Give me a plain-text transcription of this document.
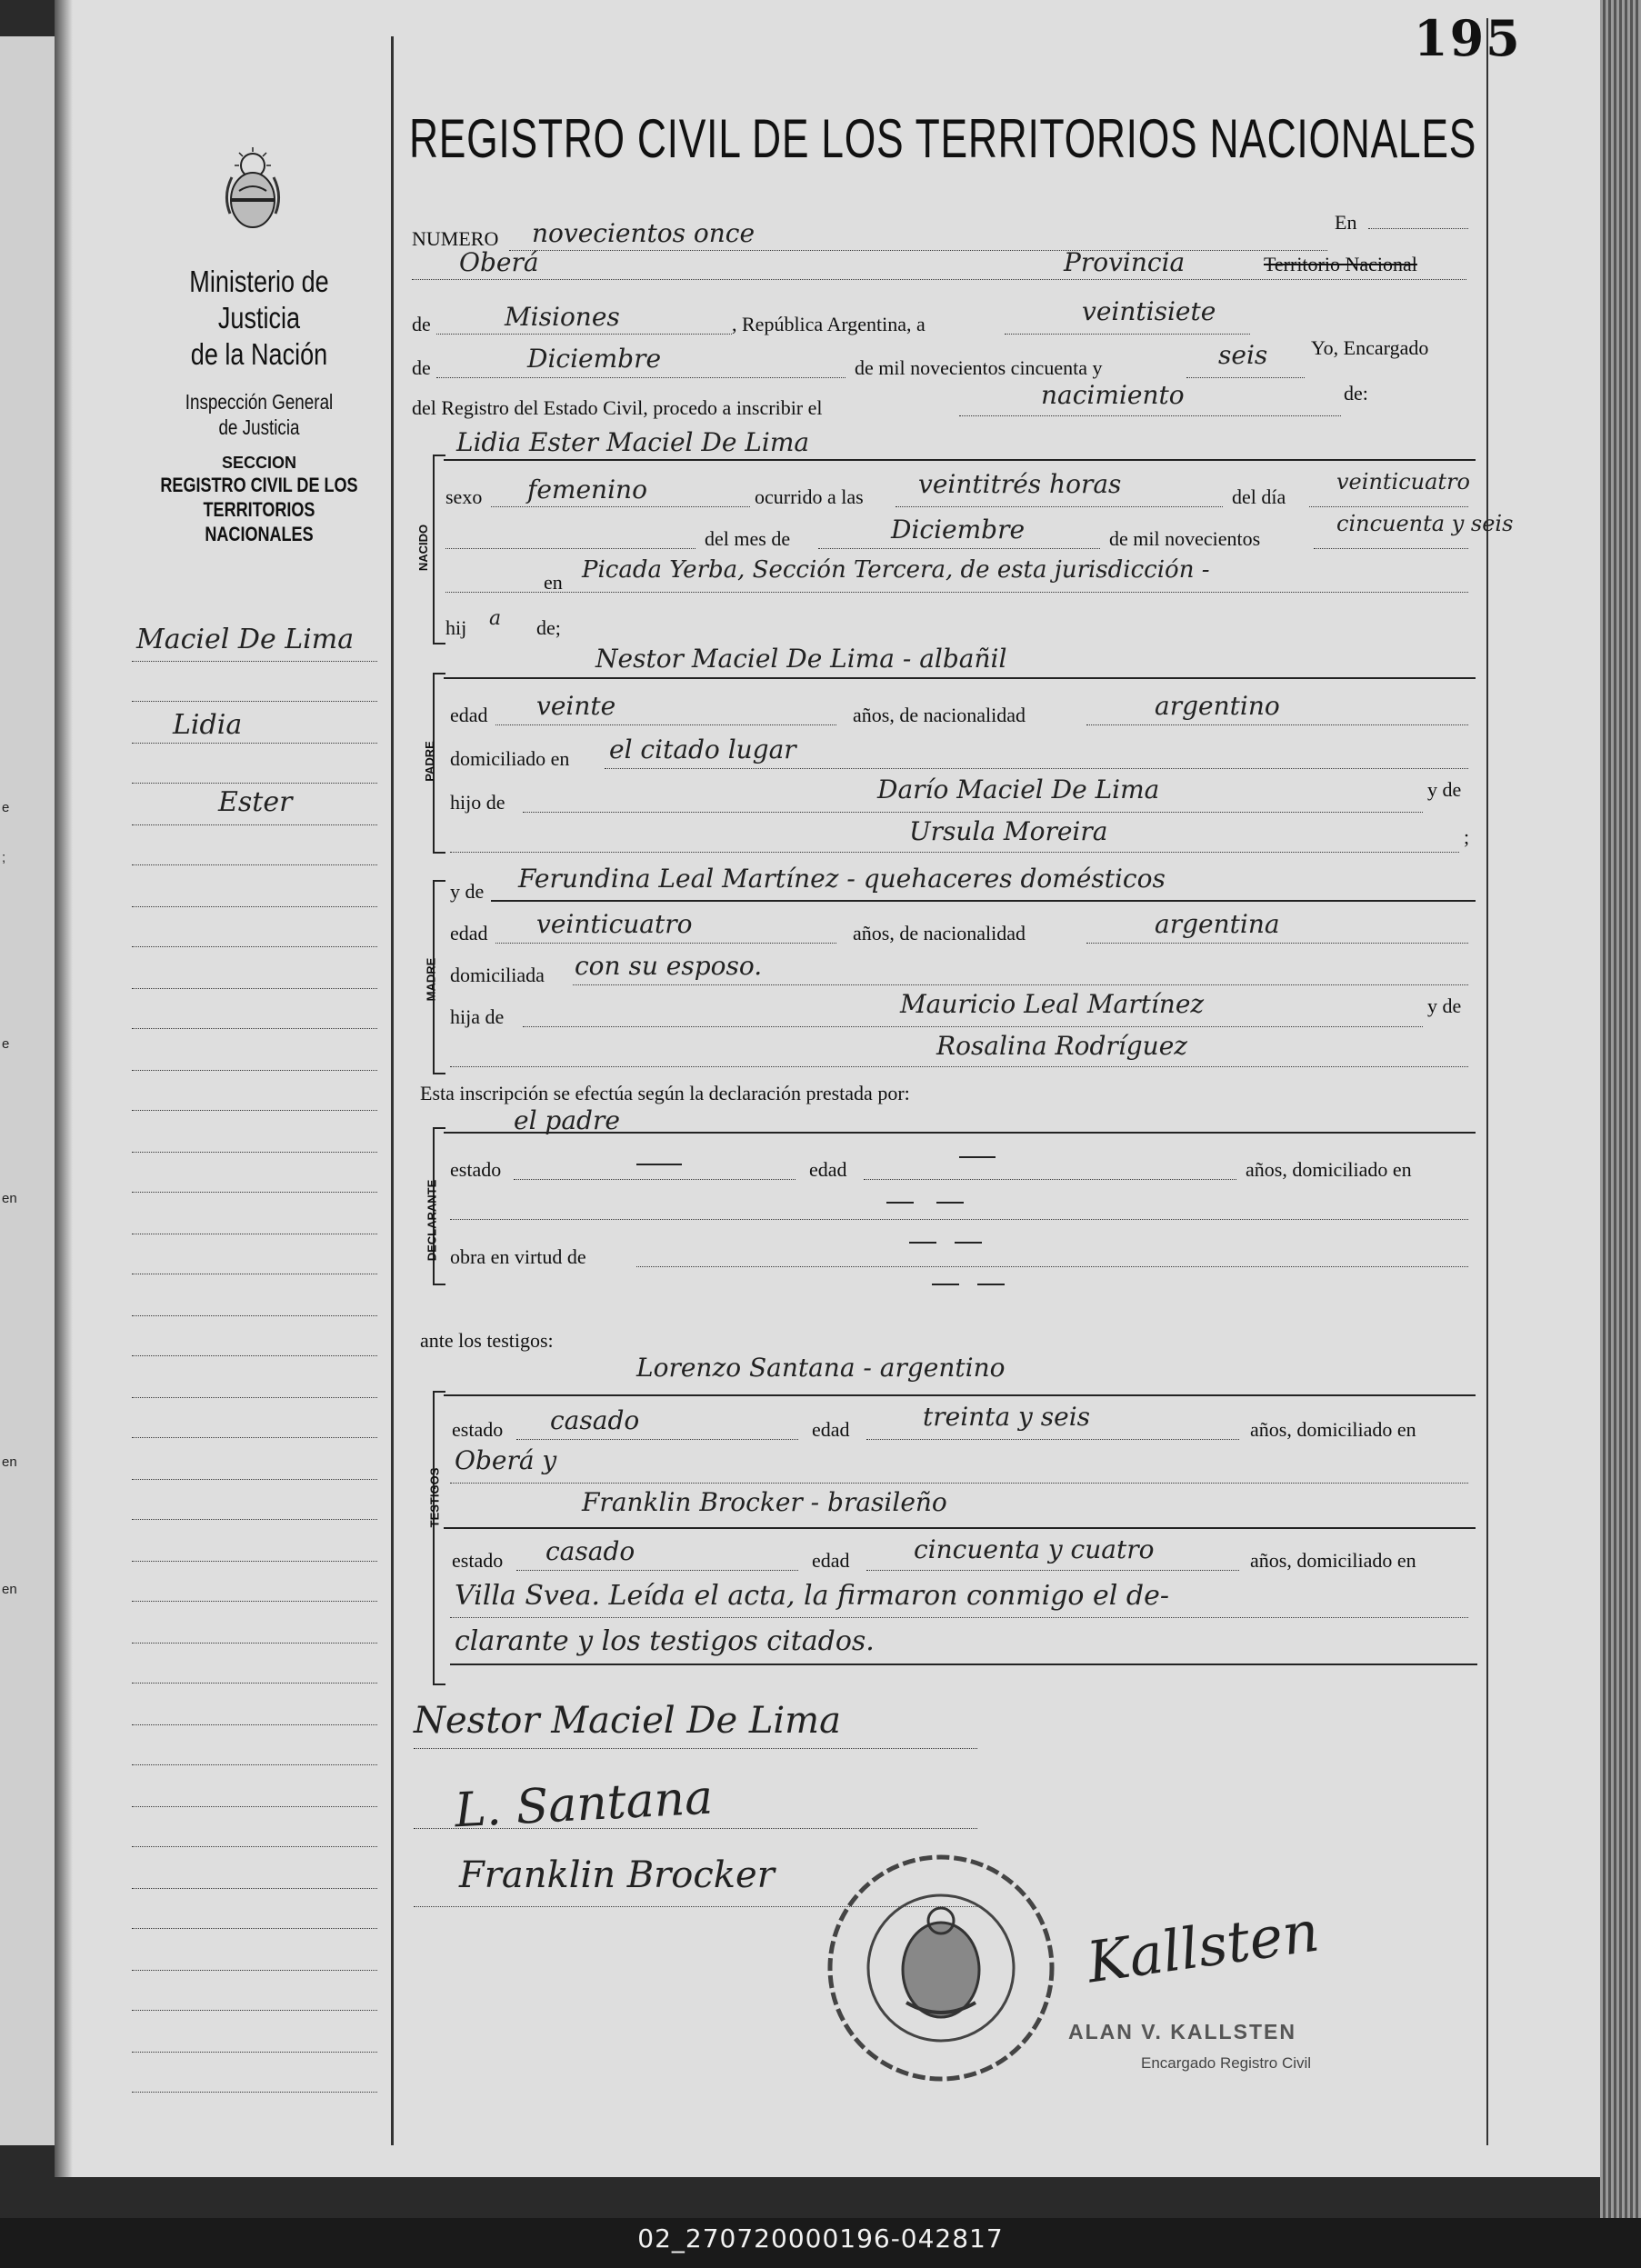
e
;
e
en
en
en
195
REGISTRO CIVIL DE LOS TERRITORIOS NACIONALES
Ministerio de Justicia
de la Nación
Inspección General
de Justicia
SECCION
REGISTRO CIVIL DE LOS
TERRITORIOS NACIONALES
Maciel De Lima
Lidia
Ester
NUMERO novecientos once	En
Oberá	Provincia	Territorio Nacional
de	Misiones	, República Argentina, a	veintisiete
de	Diciembre	de mil novecientos cincuenta y	seis Yo, Encargado
del Registro del Estado Civil, procedo a inscribir el	nacimiento	de:
NACIDO
Lidia Ester Maciel De Lima
sexo femenino	ocurrido a las veintitrés horas	del día
veinticuatro
del mes de	Diciembre	de mil novecientos
cincuenta y seis
en Picada Yerba, Sección Tercera, de esta jurisdicción -
hij a de;
PADRE
Nestor Maciel De Lima - albañil
edad veinte	años, de nacionalidad	argentino
domiciliado en el citado lugar
hijo de	Darío Maciel De Lima	y de
Ursula Moreira	;
MADRE
y de Ferundina Leal Martínez - quehaceres domésticos
edad veinticuatro	años, de nacionalidad	argentina
domiciliada con su esposo.
hija de	Mauricio Leal Martínez	y de
Rosalina Rodríguez
Esta inscripción se efectúa según la declaración prestada por:
el padre
DECLARANTE
estado	edad	años, domiciliado en
obra en virtud de
ante los testigos:
TESTIGOS
Lorenzo Santana - argentino
estado casado	edad	treinta y seis	años, domiciliado en
Oberá y
Franklin Brocker - brasileño
estado casado	edad	cincuenta y cuatro	años, domiciliado en
Villa Svea. Leída el acta, la firmaron conmigo el de-
clarante y los testigos citados.
Nestor Maciel De Lima
L. Santana
Franklin Brocker
Kallsten
ALAN V. KALLSTEN
Encargado Registro Civil
02_270720000196-042817
